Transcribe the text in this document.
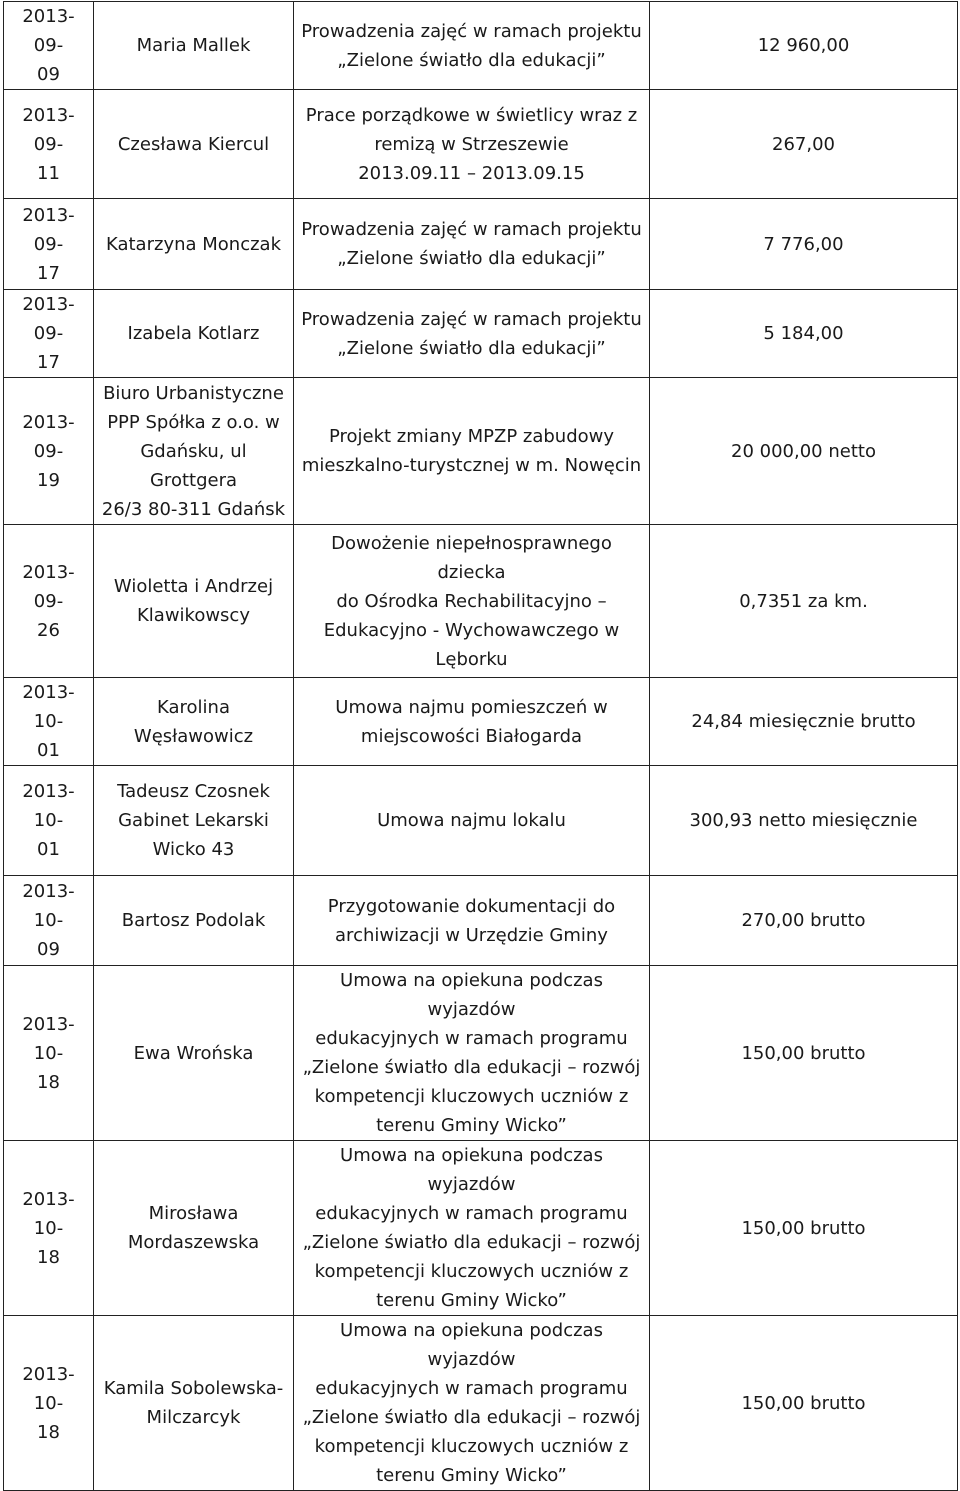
2013-09-
09	Maria Mallek	Prowadzenia zajęć w ramach projektu
„Zielone światło dla edukacji”	12 960,00
2013-09-
11	Czesława Kiercul	Prace porządkowe w świetlicy wraz z
remizą w Strzeszewie
2013.09.11 – 2013.09.15	267,00
2013-09-
17	Katarzyna Monczak	Prowadzenia zajęć w ramach projektu
„Zielone światło dla edukacji”	7 776,00
2013-09-
17	Izabela Kotlarz	Prowadzenia zajęć w ramach projektu
„Zielone światło dla edukacji”	5 184,00
2013-09-
19	Biuro Urbanistyczne
PPP Spółka z o.o. w
Gdańsku, ul Grottgera
26/3 80-311 Gdańsk	Projekt zmiany MPZP zabudowy
mieszkalno-turystcznej w m. Nowęcin	20 000,00 netto
2013-09-
26	Wioletta i Andrzej
Klawikowscy	Dowożenie niepełnosprawnego dziecka
do Ośrodka Rechabilitacyjno –
Edukacyjno - Wychowawczego w
Lęborku	0,7351 za km.
2013-10-
01	Karolina Węsławowicz	Umowa najmu pomieszczeń w
miejscowości Białogarda	24,84 miesięcznie brutto
2013-10-
01	Tadeusz Czosnek
Gabinet Lekarski
Wicko 43	Umowa najmu lokalu	300,93 netto miesięcznie
2013-10-
09	Bartosz Podolak	Przygotowanie dokumentacji do
archiwizacji w Urzędzie Gminy	270,00 brutto
2013-10-
18	Ewa Wrońska	Umowa na opiekuna podczas wyjazdów
edukacyjnych w ramach programu
„Zielone światło dla edukacji – rozwój
kompetencji kluczowych uczniów z
terenu Gminy Wicko”	150,00 brutto
2013-10-
18	Mirosława
Mordaszewska	Umowa na opiekuna podczas wyjazdów
edukacyjnych w ramach programu
„Zielone światło dla edukacji – rozwój
kompetencji kluczowych uczniów z
terenu Gminy Wicko”	150,00 brutto
2013-10-
18	Kamila Sobolewska-
Milczarcyk	Umowa na opiekuna podczas wyjazdów
edukacyjnych w ramach programu
„Zielone światło dla edukacji – rozwój
kompetencji kluczowych uczniów z
terenu Gminy Wicko”	150,00 brutto
